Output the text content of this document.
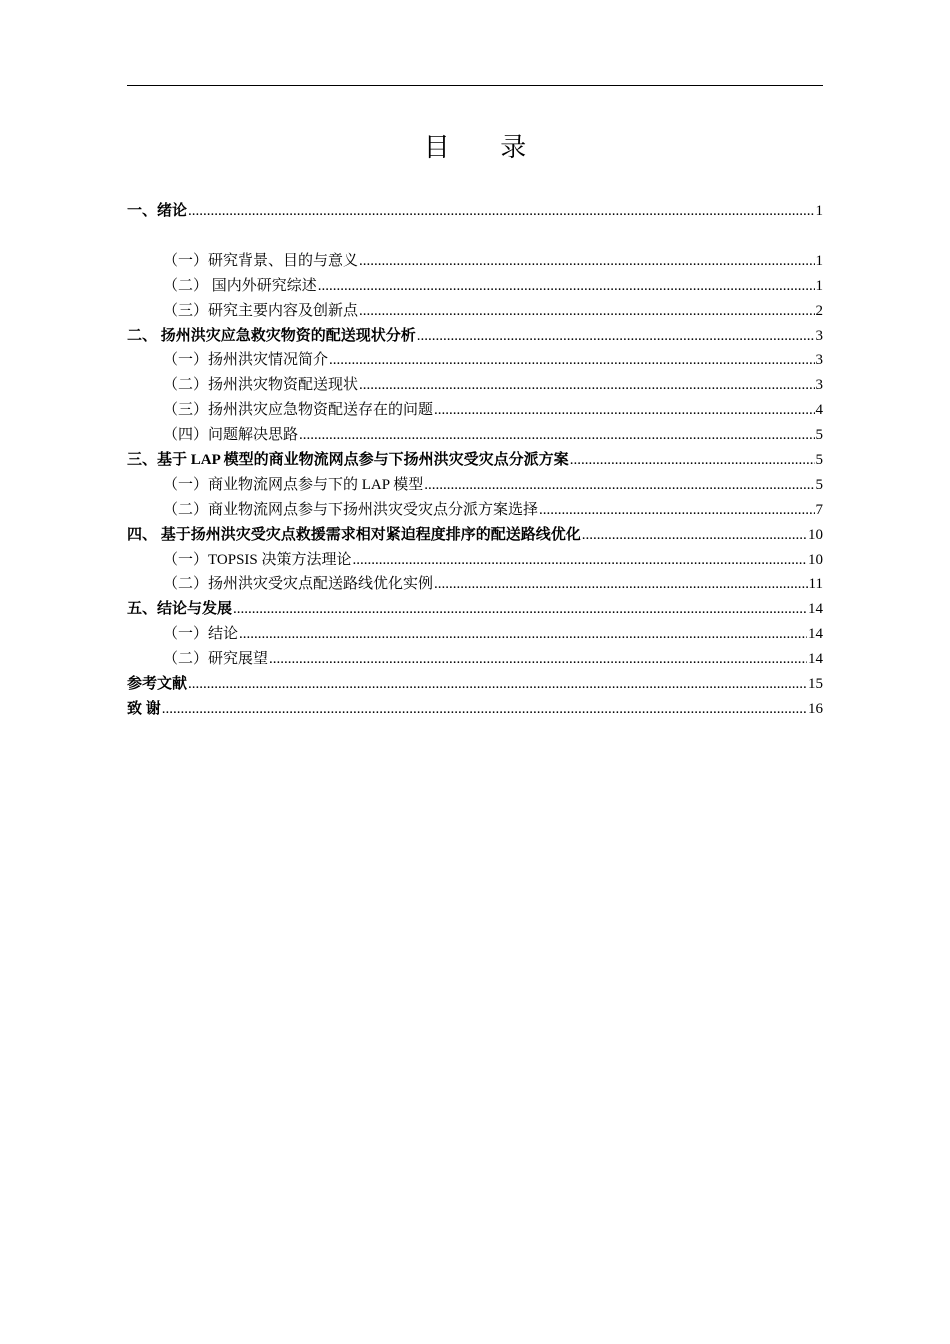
目 录
一、绪论 .....	1
（一）研究背景、目的与意义 .....	1
（二） 国内外研究综述 .....	1
（三）研究主要内容及创新点 .....	2
二、 扬州洪灾应急救灾物资的配送现状分析 .....	3
（一）扬州洪灾情况简介 .....	3
（二）扬州洪灾物资配送现状 .....	3
（三）扬州洪灾应急物资配送存在的问题 .....	4
（四）问题解决思路 .....	5
三、基于 LAP 模型的商业物流网点参与下扬州洪灾受灾点分派方案 .....	5
（一）商业物流网点参与下的 LAP 模型 .....	5
（二）商业物流网点参与下扬州洪灾受灾点分派方案选择 .....	7
四、 基于扬州洪灾受灾点救援需求相对紧迫程度排序的配送路线优化 .....	10
（一）TOPSIS 决策方法理论 .....	10
（二）扬州洪灾受灾点配送路线优化实例 .....	11
五、结论与发展 .....	14
（一）结论 .....	14
（二）研究展望 .....	14
参考文献 .....	15
致 谢 .....	16
